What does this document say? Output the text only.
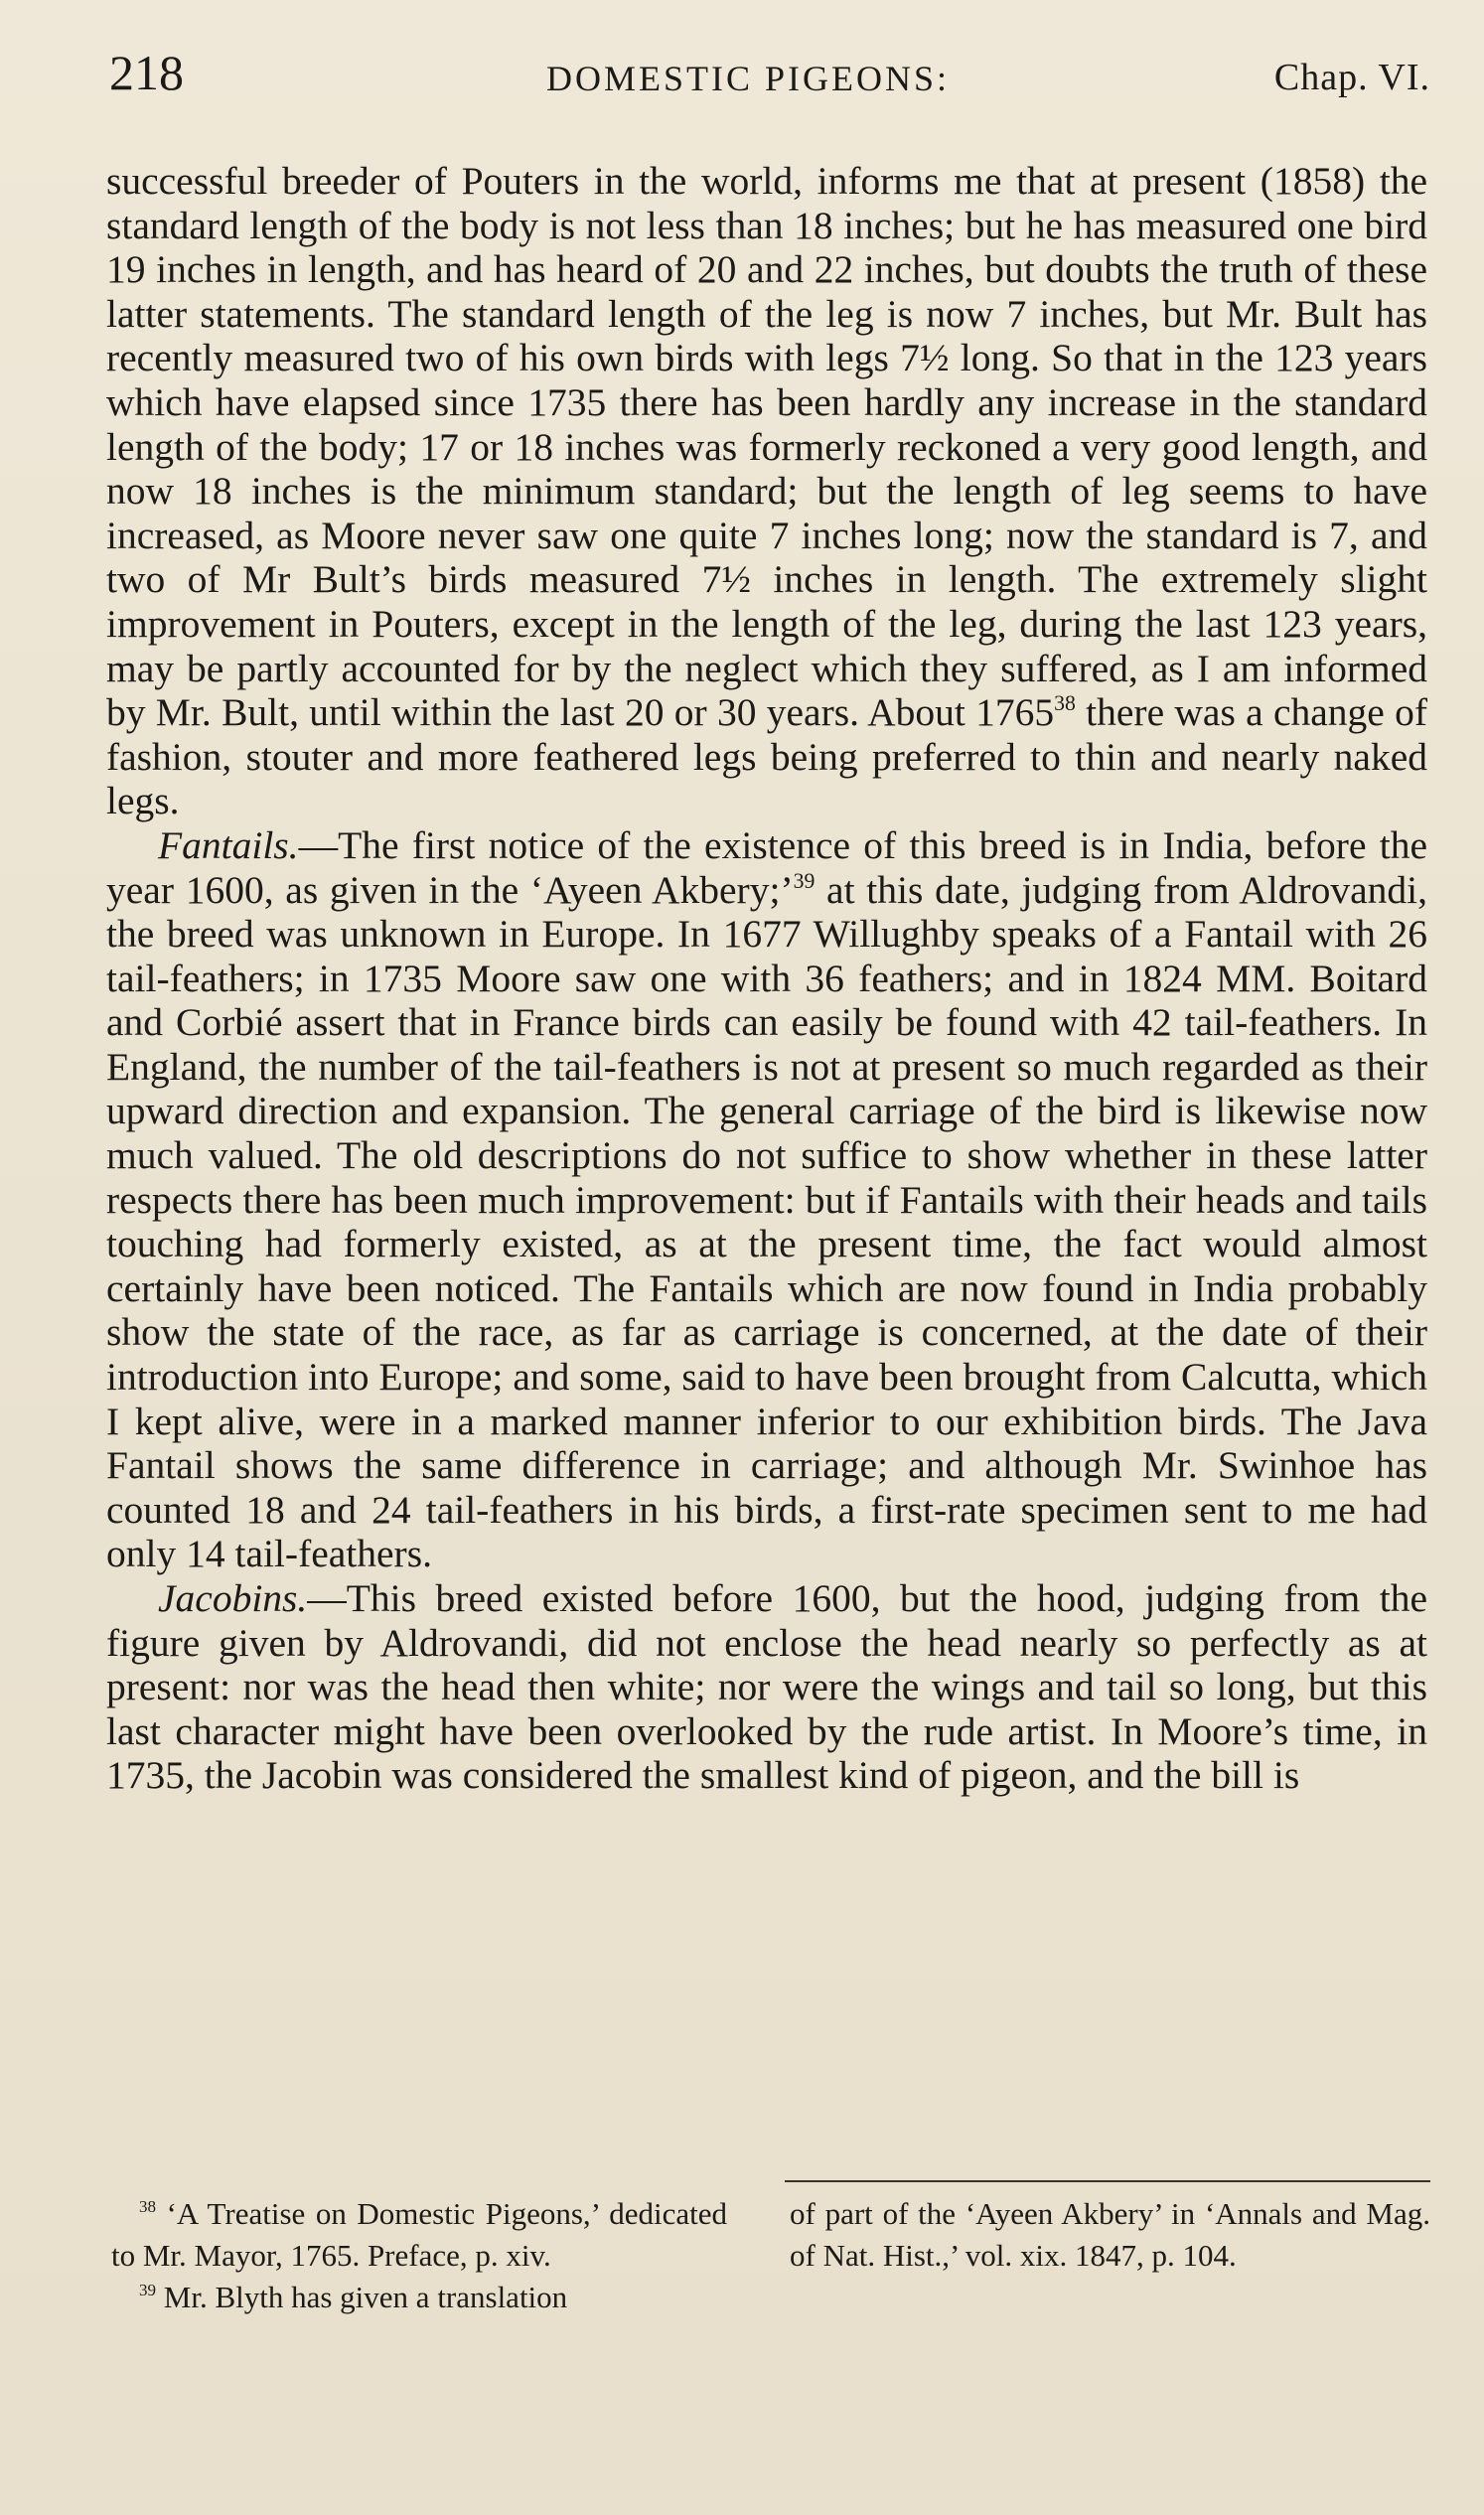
218	DOMESTIC PIGEONS:	Chap. VI.

successful breeder of Pouters in the world, informs me that at present (1858) the standard length of the body is not less than 18 inches; but he has measured one bird 19 inches in length, and has heard of 20 and 22 inches, but doubts the truth of these latter statements. The standard length of the leg is now 7 inches, but Mr. Bult has recently measured two of his own birds with legs 7½ long. So that in the 123 years which have elapsed since 1735 there has been hardly any increase in the standard length of the body; 17 or 18 inches was formerly reckoned a very good length, and now 18 inches is the minimum standard; but the length of leg seems to have increased, as Moore never saw one quite 7 inches long; now the standard is 7, and two of Mr Bult’s birds measured 7½ inches in length. The extremely slight improvement in Pouters, except in the length of the leg, during the last 123 years, may be partly accounted for by the neglect which they suffered, as I am informed by Mr. Bult, until within the last 20 or 30 years. About 1765$^{38}$ there was a change of fashion, stouter and more feathered legs being preferred to thin and nearly naked legs.

Fantails.—The first notice of the existence of this breed is in India, before the year 1600, as given in the ‘Ayeen Akbery;’$^{39}$ at this date, judging from Aldrovandi, the breed was unknown in Europe. In 1677 Willughby speaks of a Fantail with 26 tail-feathers; in 1735 Moore saw one with 36 feathers; and in 1824 MM. Boitard and Corbié assert that in France birds can easily be found with 42 tail-feathers. In England, the number of the tail-feathers is not at present so much regarded as their upward direction and expansion. The general carriage of the bird is likewise now much valued. The old descriptions do not suffice to show whether in these latter respects there has been much improvement: but if Fantails with their heads and tails touching had formerly existed, as at the present time, the fact would almost certainly have been noticed. The Fantails which are now found in India probably show the state of the race, as far as carriage is concerned, at the date of their introduction into Europe; and some, said to have been brought from Calcutta, which I kept alive, were in a marked manner inferior to our exhibition birds. The Java Fantail shows the same difference in carriage; and although Mr. Swinhoe has counted 18 and 24 tail-feathers in his birds, a first-rate specimen sent to me had only 14 tail-feathers.

Jacobins.—This breed existed before 1600, but the hood, judging from the figure given by Aldrovandi, did not enclose the head nearly so perfectly as at present: nor was the head then white; nor were the wings and tail so long, but this last character might have been overlooked by the rude artist. In Moore’s time, in 1735, the Jacobin was considered the smallest kind of pigeon, and the bill is

$^{38}$ ‘A Treatise on Domestic Pigeons,’ dedicated to Mr. Mayor, 1765. Preface, p. xiv.

$^{39}$ Mr. Blyth has given a translation

of part of the ‘Ayeen Akbery’ in ‘Annals and Mag. of Nat. Hist.,’ vol. xix. 1847, p. 104.
